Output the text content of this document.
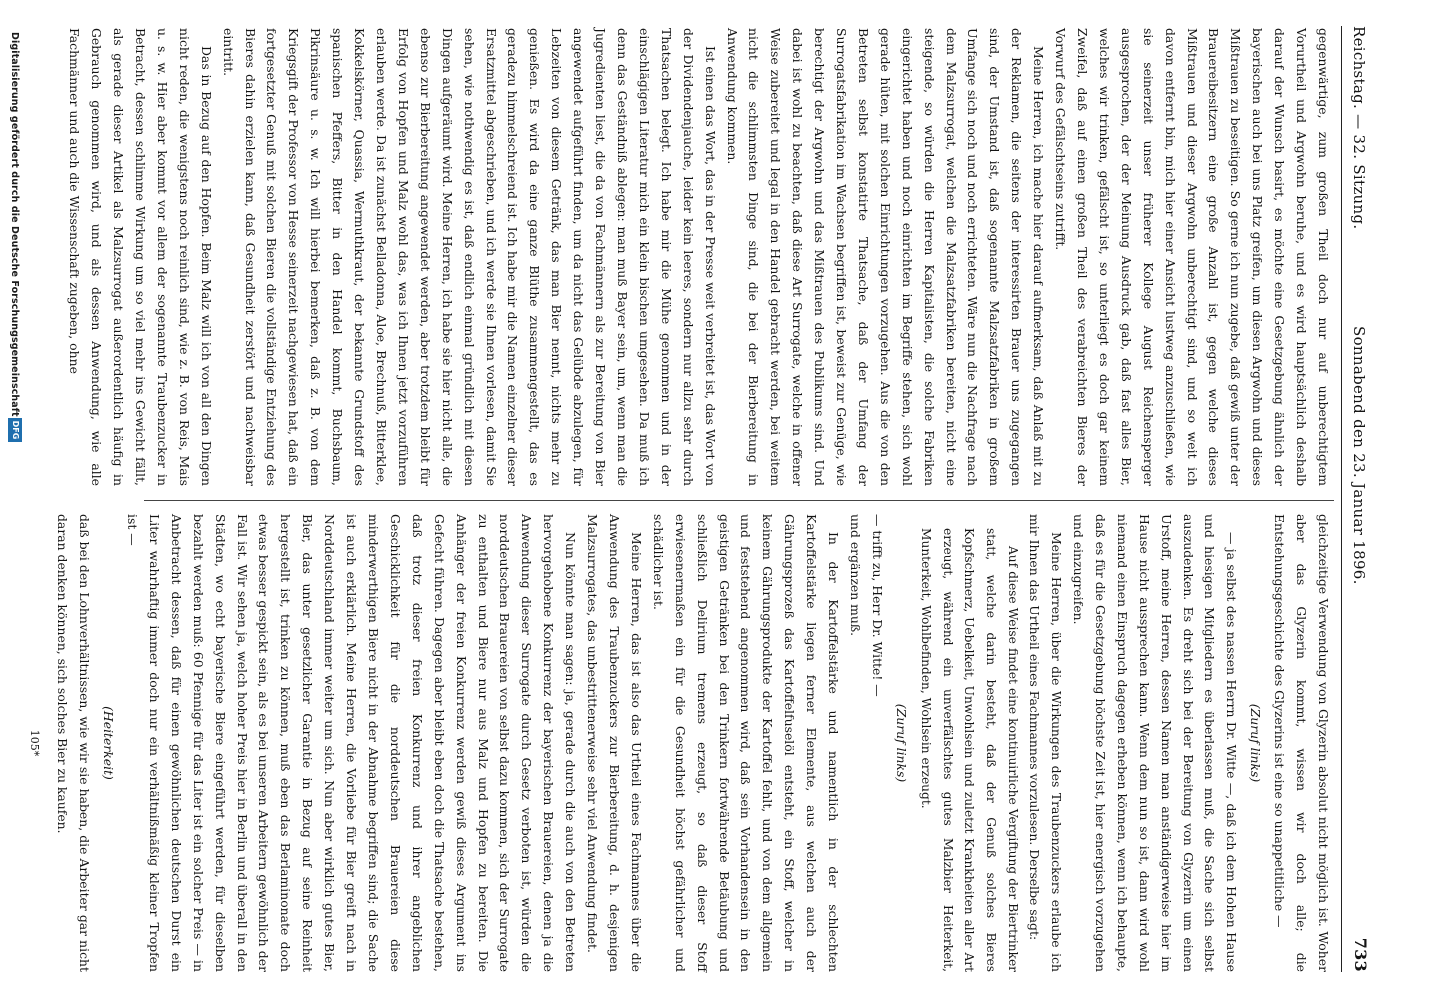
Reichstag. — 32. Sitzung.
Sonnabend den 23. Januar 1896.
733

gegenwärtige, zum großen Theil doch nur auf unberechtigtem Vorurtheil und Argwohn beruhe, und es wird hauptsächlich deshalb darauf der Wunsch basirt, es möchte eine Gesetzgebung ähnlich der bayerischen auch bei uns Platz greifen, um diesen Argwohn und dieses Mißtrauen zu beseitigen. So gerne ich nun zugebe, daß gewiß unter der Brauereibesitzern eine große Anzahl ist, gegen welche dieses Mißtrauen und dieser Argwohn unberechtigt sind, und so weit ich davon entfernt bin, mich hier einer Ansicht lustweg anzuschließen, wie sie seinerzeit unser früherer Kollege August Reichensperger ausgesprochen, der der Meinung Ausdruck gab, daß fast alles Bier, welches wir trinken, gefälscht ist, so unterliegt es doch gar keinem Zweifel, daß auf einen großen Theil des verabreichten Bieres der Vorwurf des Gefälschtseins zutrifft.

Meine Herren, ich mache hier darauf aufmerksam, daß Anlaß mit zu der Reklamen, die seitens der interessirten Brauer uns zugegangen sind, der Umstand ist, daß sogenannte Malzsatzfabriken in großem Umfange sich noch und noch errichteten. Wäre nun die Nachfrage nach dem Malzsurrogat, welchen die Malzsatzfabriken bereiten, nicht eine steigende, so würden die Herren Kapitalisten, die solche Fabriken eingerichtet haben und noch einrichten im Begriffe stehen, sich wohl gerade hüten, mit solchen Einrichtungen vorzugehen. Aus die von den Betreten selbst konstatirte Thatsache, daß der Umfang der Surrogatsfabrikation im Wachsen begriffen ist, beweist zur Genüge, wie berechtigt der Argwohn und das Mißtrauen des Publikums sind. Und dabei ist wohl zu beachten, daß diese Art Surrogate, welche in offener Weise zubereitet und legal in den Handel gebracht werden, bei weitem nicht die schlimmsten Dinge sind, die bei der Bierbereitung in Anwendung kommen.

Ist einen das Wort, das in der Presse weit verbreitet ist, das Wort von der Dividendenjauche, leider kein leeres, sondern nur allzu sehr durch Thatsachen belegt. Ich habe mir die Mühe genommen und in der einschlägigen Literatur mich ein klein bischen umgesehen. Da muß ich denn das Geständniß ablegen: man muß Bayer sein, um, wenn man die Jugredienten liest, die da von Fachmännern als zur Bereitung von Bier angewendet aufgeführt finden, um da nicht das Gelübde abzulegen, für Lebzeiten von diesem Getränk, das man Bier nennt, nichts mehr zu genießen. Es wird da eine ganze Blüthe zusammengestellt, das es geradezu himmelschreiend ist. Ich habe mir die Namen einzelner dieser Ersatzmittel abgeschrieben, und ich werde sie Ihnen vorlesen, damit Sie sehen, wie nothwendig es ist, daß endlich einmal gründlich mit diesen Dingen aufgeräumt wird. Meine Herren, ich habe sie hier nicht alle, die ebenso zur Bierbereitung angewendet werden, aber trotzdem bleibt für Erfolg von Hopfen und Malz wohl das, was ich Ihnen jetzt vorzuführen erlauben werde. Da ist zunächst Belladonna, Aloe, Brechnuß, Bitterklee, Kokkelskörner, Quassia, Wermuthkraut, der bekannte Grundstoff des spanischen Pfeffers, Bitter in den Handel kommt, Buchsbaum, Pikrinsäure u. s. w. Ich will hierbei bemerken, daß z. B. von dem Kriegsgift der Professor von Hesse seinerzeit nachgewiesen hat, daß ein fortgesetzter Genuß mit solchen Bieren die vollständige Entziehung des Bieres dahin erzielen kann, daß Gesundheit zerstört und nachweisbar eintritt.

Das in Bezug auf den Hopfen. Beim Malz will ich von all den Dingen nicht reden, die wenigstens noch reinlich sind, wie z. B. von Reis, Mais u. s. w. Hier aber kommt vor allem der sogenannte Traubenzucker in Betracht, dessen schlimme Wirkung um so viel mehr ins Gewicht fällt, als gerade dieser Artikel als Malzsurrogat außerordentlich häufig in Gebrauch genommen wird, und als dessen Anwendung, wie alle Fachmänner und auch die Wissenschaft zugeben, ohne

gleichzeitige Verwendung von Glyzerin absolut nicht möglich ist. Woher aber das Glyzerin kommt, wissen wir doch alle; die Entstehungsgeschichte des Glyzerins ist eine so unappetitliche —

(Zuruf links)

— ja selbst des nassen Herrn Dr. Witte —, daß ich dem Hohen Hause und hiesigen Mitgliedern es überlassen muß, die Sache sich selbst auszudenken. Es dreht sich bei der Bereitung von Glyzerin um einen Urstoff, meine Herren, dessen Namen man anständigerweise hier im Hause nicht aussprechen kann. Wenn dem nun so ist, dann wird wohl niemand einen Einspruch dagegen erheben können, wenn ich behaupte, daß es für die Gesetzgebung höchste Zeit ist, hier energisch vorzugehen und einzugreifen.

Meine Herren, über die Wirkungen des Traubenzuckers erlaube ich mir Ihnen das Urtheil eines Fachmannes vorzulesen. Derselbe sagt:

Auf diese Weise findet eine kontinuirliche Vergiftung der Biertrinker statt, welche darin besteht, daß der Genuß solches Bieres Kopfschmerz, Uebelkeit, Unwohlsein und zuletzt Krankheiten aller Art erzeugt, während ein unverfälschtes gutes Malzbier Heiterkeit, Munterkeit, Wohlbefinden, Wohlsein erzeugt.

(Zuruf links)

— trifft zu, Herr Dr. Witte! —

und ergänzen muß.

In der Kartoffelstärke und namentlich in der schlechten Kartoffelstärke liegen ferner Elemente, aus welchen auch der Gährungsprozeß das Kartoffelfuselöl entsteht, ein Stoff, welcher in keinem Gährungsprodukte der Kartoffel fehlt, und von dem allgemein und feststehend angenommen wird, daß sein Vorhandensein in den geistigen Getränken bei den Trinkern fortwährende Betäubung und schließlich Delirium tremens erzeugt, so daß dieser Stoff erwiesenermaßen ein für die Gesundheit höchst gefährlicher und schädlicher ist.

Meine Herren, das ist also das Urtheil eines Fachmannes über die Anwendung des Traubenzuckers zur Bierbereitung, d. h. desjenigen Malzsurrogates, das unbestrittenerweise sehr viel Anwendung findet.

Nun könnte man sagen: ja, gerade durch die auch von den Betreten hervorgehobene Konkurrenz der bayerischen Brauereien, denen ja die Anwendung dieser Surrogate durch Gesetz verboten ist, würden die norddeutschen Brauereien von selbst dazu kommen, sich der Surrogate zu enthalten und Biere nur aus Malz und Hopfen zu bereiten. Die Anhänger der freien Konkurrenz werden gewiß dieses Argument ins Gefecht führen. Dagegen aber bleibt eben doch die Thatsache bestehen, daß trotz dieser freien Konkurrenz und ihrer angeblichen Geschicklichkeit für die norddeutschen Brauereien diese minderwerthigen Biere nicht in der Abnahme begriffen sind; die Sache ist auch erklärlich. Meine Herren, die Vorliebe für Bier greift nach in Norddeutschland immer weiter um sich. Nun aber wirklich gutes Bier, Bier, das unter gesetzlicher Garantie in Bezug auf seine Reinheit hergestellt ist, trinken zu können, muß eben das Berlaminonate doch etwas besser gespickt sein, als es bei unseren Arbeitern gewöhnlich der Fall ist. Wir sehen ja, welch hoher Preis hier in Berlin und überall in den Städten, wo echt bayerische Biere eingeführt werden, für dieselben bezahlt werden muß: 60 Pfennige für das Liter ist ein solcher Preis — in Anbetracht dessen, daß für einen gewöhnlichen deutschen Durst ein Liter wahrhaftig immer doch nur ein verhältnißmäßig kleiner Tropfen ist —

(Heiterkeit)

daß bei den Lohnverhältnissen, wie wir sie haben, die Arbeiter gar nicht daran denken können, sich solches Bier zu kaufen.

105*

Digitalisierung gefördert durch die Deutsche Forschungsgemeinschaft
DFG
